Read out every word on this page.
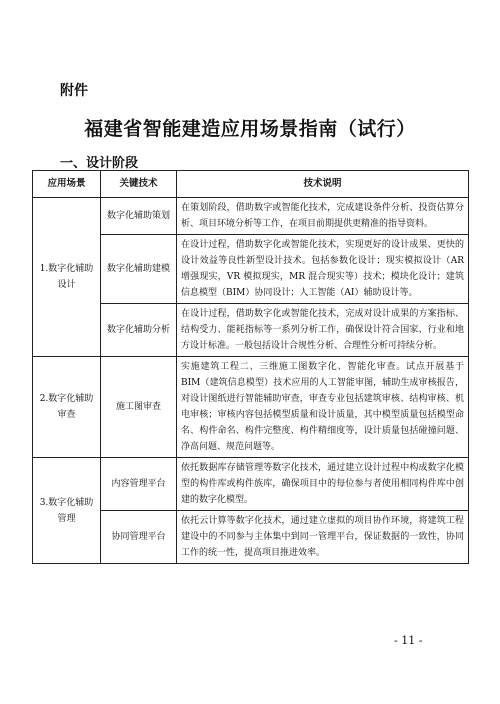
附件
福建省智能建造应用场景指南（试行）
一、设计阶段
应用场景	关键技术	技术说明
1.数字化辅助设计	数字化辅助策划	在策划阶段，借助数字或智能化技术，完成建设条件分析、投资估算分析、项目环境分析等工作，在项目前期提供更精准的指导资料。
	数字化辅助建模	在设计过程，借助数字化或智能化技术，实现更好的设计成果、更快的设计效益等良性新型设计技术。包括参数化设计；现实模拟设计（AR 增强现实，VR 模拟现实，MR 混合现实等）技术；模块化设计；建筑信息模型（BIM）协同设计；人工智能（AI）辅助设计等。
	数字化辅助分析	在设计过程，借助数字化或智能化技术，完成对设计成果的方案指标、结构受力、能耗指标等一系列分析工作，确保设计符合国家、行业和地方设计标准。一般包括设计合规性分析、合理性分析可持续分析。
2.数字化辅助审查	施工图审查	实施建筑工程二、三维施工图数字化、智能化审查。试点开展基于 BIM（建筑信息模型）技术应用的人工智能审图，辅助生成审核报告，对设计图纸进行智能辅助审查，审查专业包括建筑审核、结构审核、机电审核；审核内容包括模型质量和设计质量，其中模型质量包括模型命名、构件命名、构件完整度、构件精细度等，设计质量包括碰撞问题、净高问题、规范问题等。
3.数字化辅助管理	内容管理平台	依托数据库存储管理等数字化技术，通过建立设计过程中构成数字化模型的构件库或构件族库，确保项目中的每位参与者使用相同构件库中创建的数字化模型。
	协同管理平台	依托云计算等数字化技术，通过建立虚拟的项目协作环境，将建筑工程建设中的不同参与主体集中到同一管理平台，保证数据的一致性，协同工作的统一性，提高项目推进效率。
- 11 -
